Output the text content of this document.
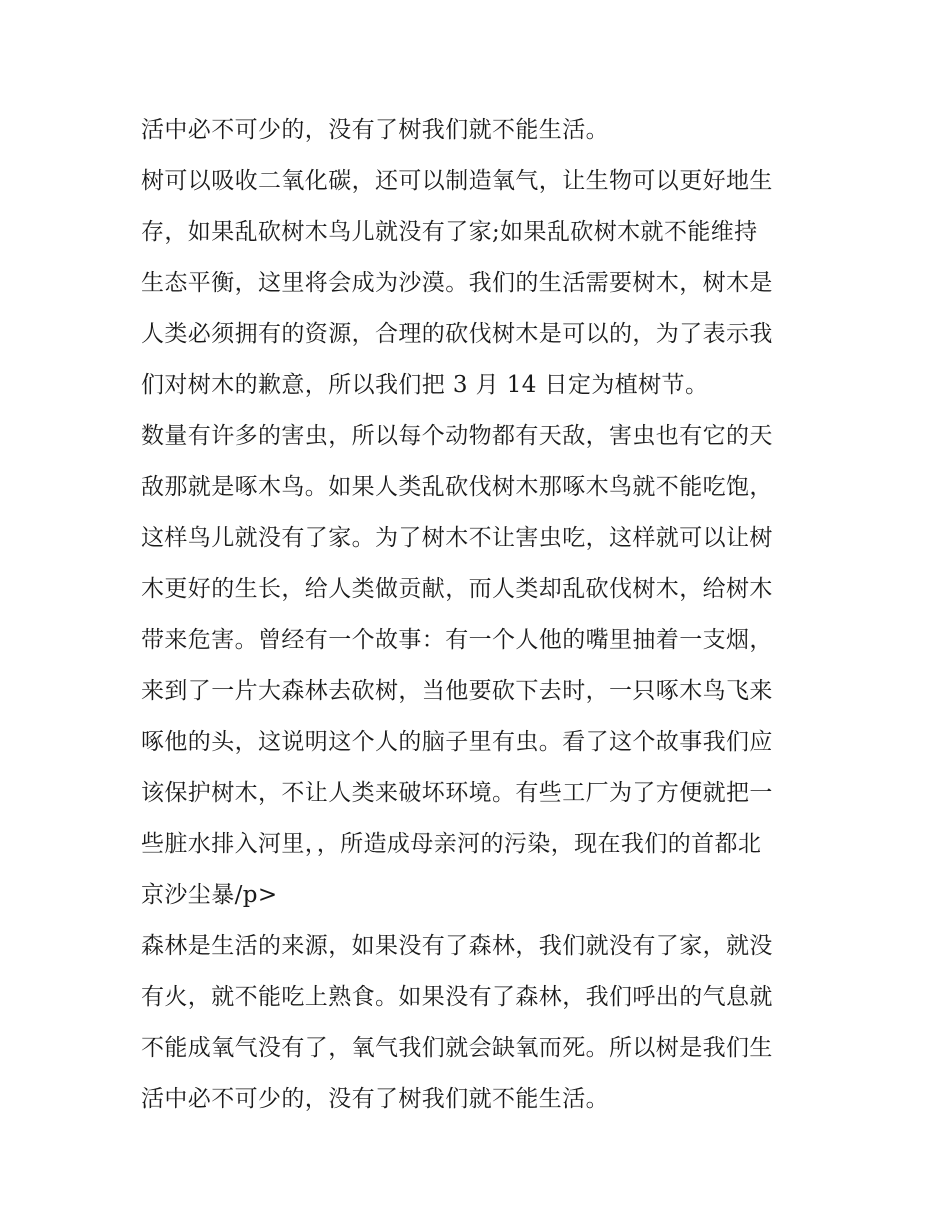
活中必不可少的，没有了树我们就不能生活。
树可以吸收二氧化碳，还可以制造氧气，让生物可以更好地生
存，如果乱砍树木鸟儿就没有了家;如果乱砍树木就不能维持
生态平衡，这里将会成为沙漠。我们的生活需要树木，树木是
人类必须拥有的资源，合理的砍伐树木是可以的，为了表示我
们对树木的歉意，所以我们把 3 月 14 日定为植树节。
数量有许多的害虫，所以每个动物都有天敌，害虫也有它的天
敌那就是啄木鸟。如果人类乱砍伐树木那啄木鸟就不能吃饱，
这样鸟儿就没有了家。为了树木不让害虫吃，这样就可以让树
木更好的生长，给人类做贡献，而人类却乱砍伐树木，给树木
带来危害。曾经有一个故事：有一个人他的嘴里抽着一支烟，
来到了一片大森林去砍树，当他要砍下去时，一只啄木鸟飞来
啄他的头，这说明这个人的脑子里有虫。看了这个故事我们应
该保护树木，不让人类来破坏环境。有些工厂为了方便就把一
些脏水排入河里，，所造成母亲河的污染，现在我们的首都北
京沙尘暴/p>
森林是生活的来源，如果没有了森林，我们就没有了家，就没
有火，就不能吃上熟食。如果没有了森林，我们呼出的气息就
不能成氧气没有了，氧气我们就会缺氧而死。所以树是我们生
活中必不可少的，没有了树我们就不能生活。
